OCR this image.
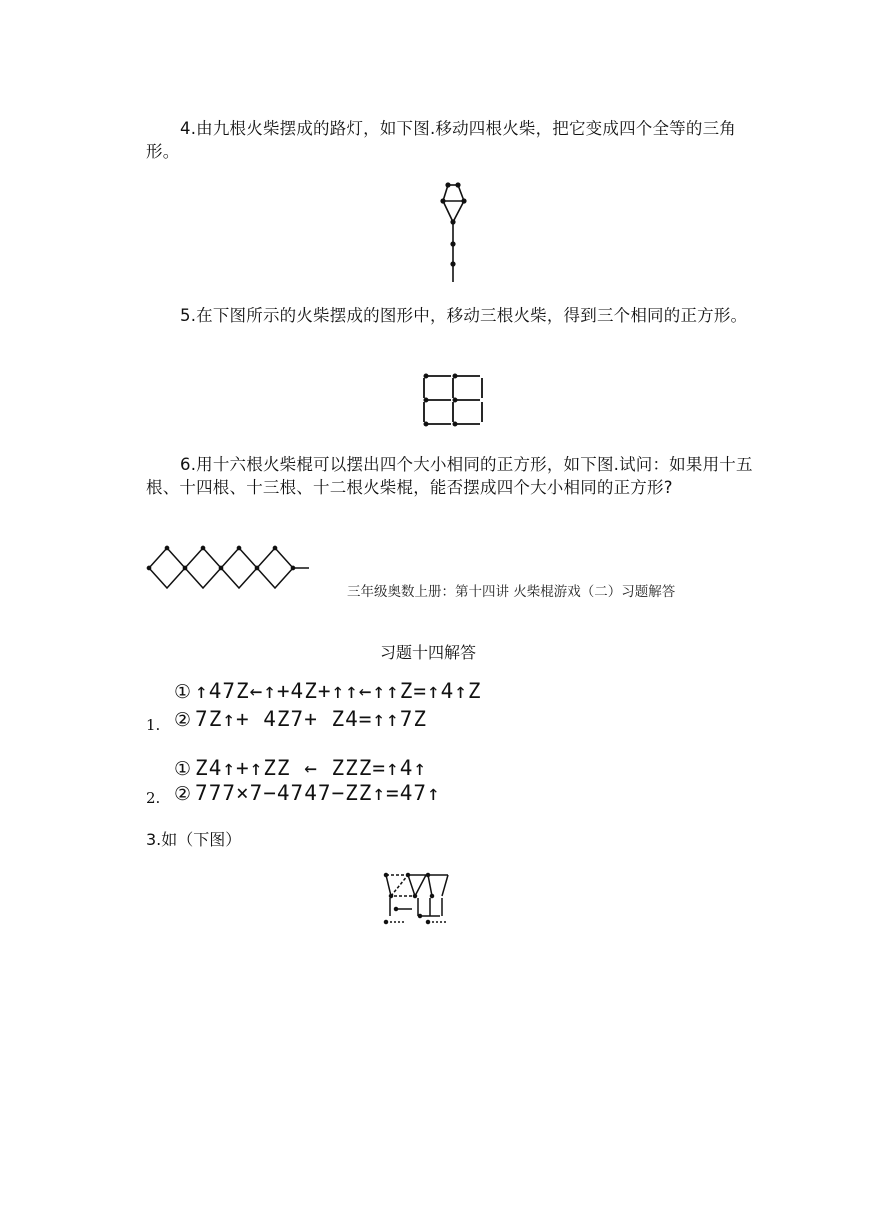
4.由九根火柴摆成的路灯，如下图.移动四根火柴，把它变成四个全等的三角形。

5.在下图所示的火柴摆成的图形中，移动三根火柴，得到三个相同的正方形。

6.用十六根火柴棍可以摆出四个大小相同的正方形，如下图.试问：如果用十五根、十四根、十三根、十二根火柴棍，能否摆成四个大小相同的正方形?

三年级奥数上册：第十四讲 火柴棍游戏（二）习题解答
习题十四解答
① ↑47Z←↑+4Z+↑↑←↑↑Z=↑4↑Z
1. ② 7Z↑+ 4Z7+ Z4=↑↑7Z
① Z4↑+↑ZZ ← ZZZ=↑4↑
2. ② 777×7−4747−ZZ↑=47↑
3.如（下图）
